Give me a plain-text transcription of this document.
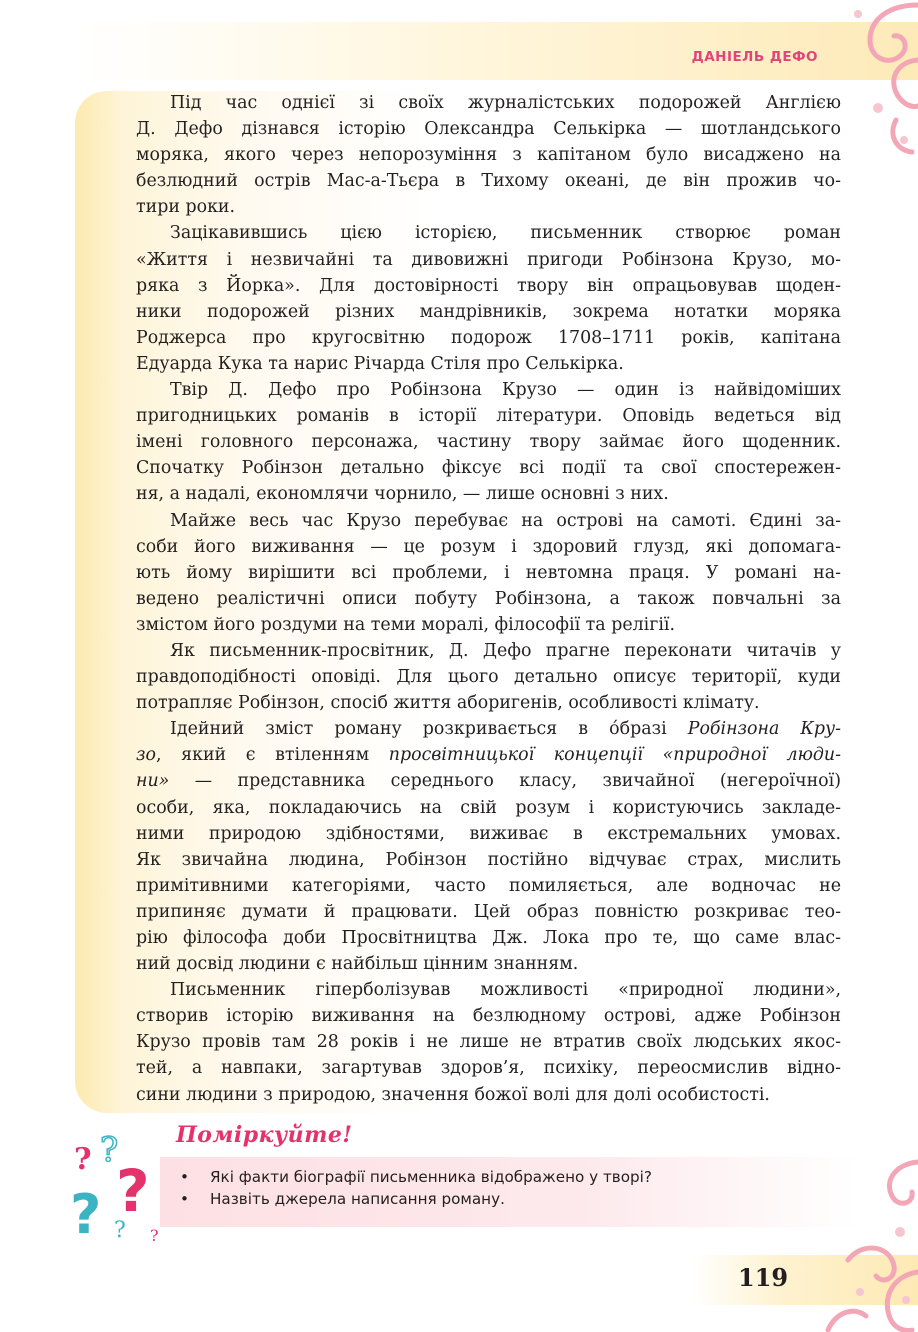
ДАНІЕЛЬ ДЕФО
Під час однієї зі своїх журналістських подорожей Англією
Д. Дефо дізнався історію Олександра Селькірка — шотландського
моряка, якого через непорозуміння з капітаном було висаджено на
безлюдний острів Мас-а-Тьєра в Тихому океані, де він прожив чо-
тири роки.
Зацікавившись цією історією, письменник створює роман
«Життя і незвичайні та дивовижні пригоди Робінзона Крузо, мо-
ряка з Йорка». Для достовірності твору він опрацьовував щоден-
ники подорожей різних мандрівників, зокрема нотатки моряка
Роджерса про кругосвітню подорож 1708–1711 років, капітана
Едуарда Кука та нарис Річарда Стіля про Селькірка.
Твір Д. Дефо про Робінзона Крузо — один із найвідоміших
пригодницьких романів в історії літератури. Оповідь ведеться від
імені головного персонажа, частину твору займає його щоденник.
Спочатку Робінзон детально фіксує всі події та свої спостережен-
ня, а надалі, економлячи чорнило, — лише основні з них.
Майже весь час Крузо перебуває на острові на самоті. Єдині за-
соби його виживання — це розум і здоровий глузд, які допомага-
ють йому вирішити всі проблеми, і невтомна праця. У романі на-
ведено реалістичні описи побуту Робінзона, а також повчальні за
змістом його роздуми на теми моралі, філософії та релігії.
Як письменник-просвітник, Д. Дефо прагне переконати читачів у
правдоподібності оповіді. Для цього детально описує території, куди
потрапляє Робінзон, спосіб життя аборигенів, особливості клімату.
Ідейний зміст роману розкривається в о́бразі Робінзона Кру-
зо, який є втіленням просвітницької концепції «природної люди-
ни» — представника середнього класу, звичайної (негероїчної)
особи, яка, покладаючись на свій розум і користуючись закладе-
ними природою здібностями, виживає в екстремальних умовах.
Як звичайна людина, Робінзон постійно відчуває страх, мислить
примітивними категоріями, часто помиляється, але водночас не
припиняє думати й працювати. Цей образ повністю розкриває тео-
рію філософа доби Просвітництва Дж. Лока про те, що саме влас-
ний досвід людини є найбільш цінним знанням.
Письменник гіперболізував можливості «природної людини»,
створив історію виживання на безлюдному острові, адже Робінзон
Крузо провів там 28 років і не лише не втратив своїх людських якос-
тей, а навпаки, загартував здоров’я, психіку, переосмислив відно-
сини людини з природою, значення божої волі для долі особистості.
? ?
? ?
? ?
Поміркуйте!
• Які факти біографії письменника відображено у творі?
• Назвіть джерела написання роману.
119
